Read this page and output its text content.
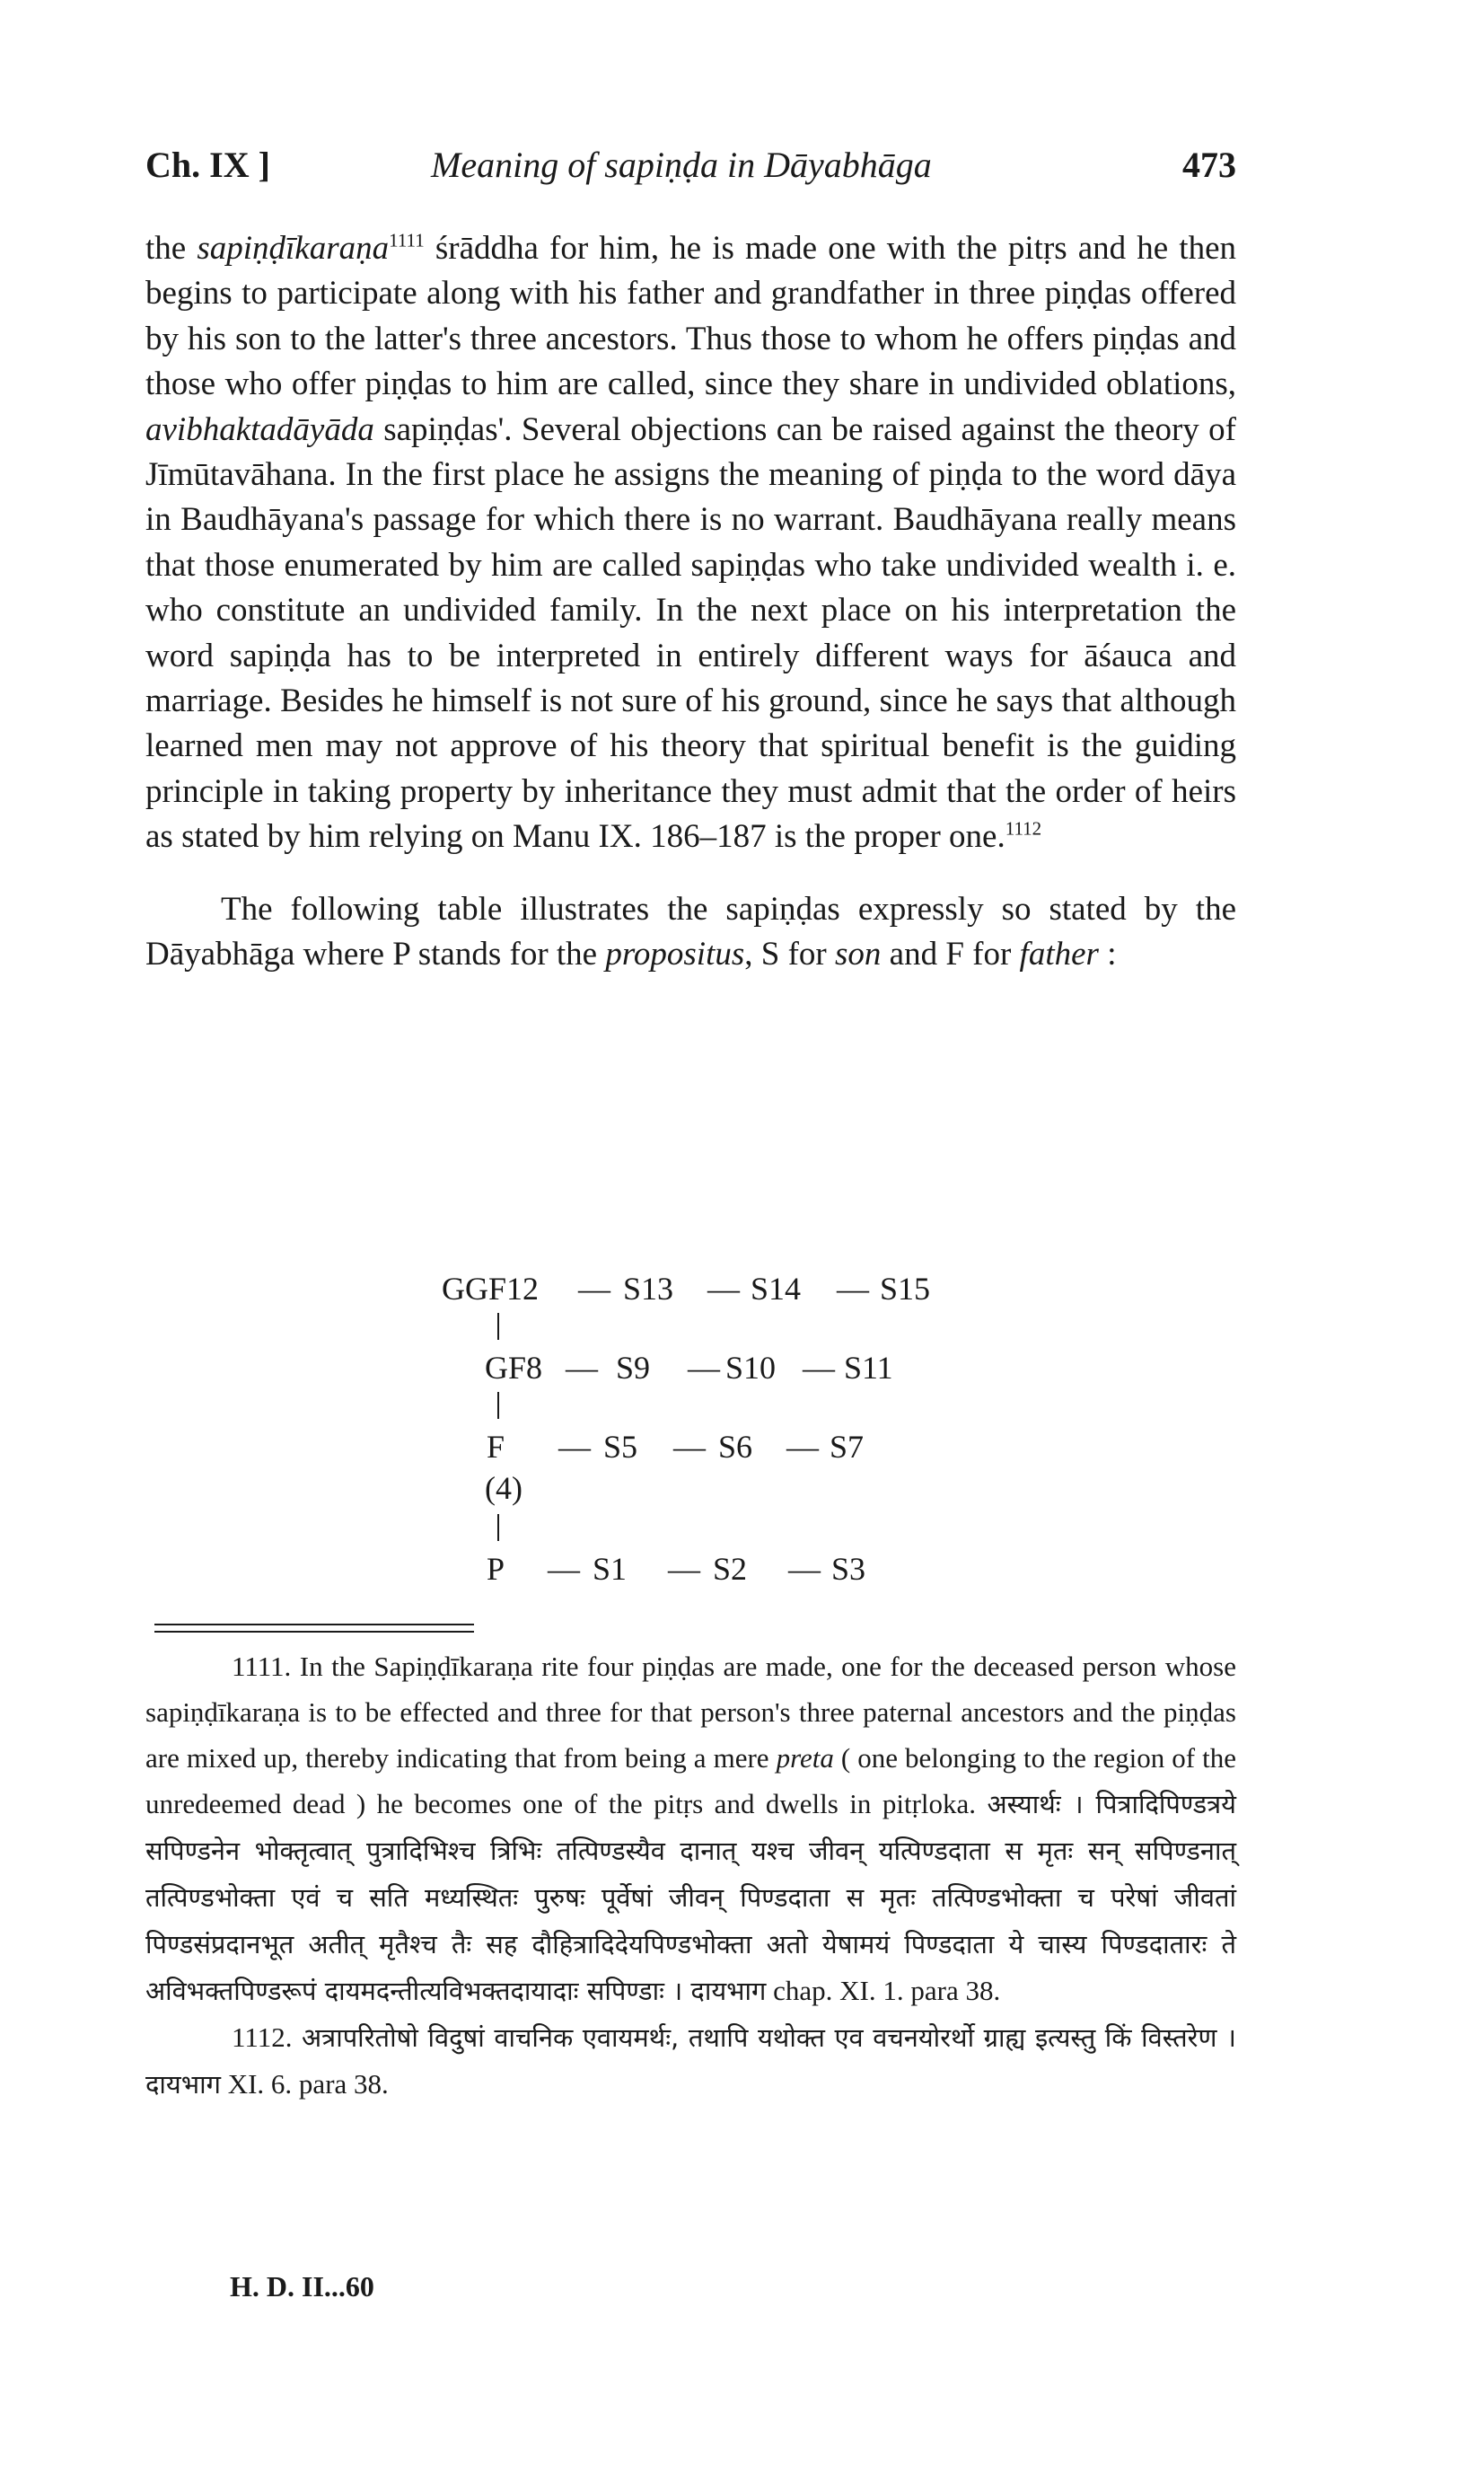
Ch. IX ]	Meaning of sapiṇḍa in Dāyabhāga	473

the sapiṇḍīkaraṇa$^{1111}$ śrāddha for him, he is made one with the pitṛs and he then begins to participate along with his father and grandfather in three piṇḍas offered by his son to the latter's three ancestors. Thus those to whom he offers piṇḍas and those who offer piṇḍas to him are called, since they share in undivided oblations, avibhaktadāyāda sapiṇḍas'. Several objections can be raised against the theory of Jīmūtavāhana. In the first place he assigns the meaning of piṇḍa to the word dāya in Baudhāyana's passage for which there is no warrant. Baudhāyana really means that those enumerated by him are called sapiṇḍas who take undivided wealth i. e. who constitute an undivided family. In the next place on his interpretation the word sapiṇḍa has to be interpreted in entirely different ways for āśauca and marriage. Besides he himself is not sure of his ground, since he says that although learned men may not approve of his theory that spiritual benefit is the guiding principle in taking property by inheritance they must admit that the order of heirs as stated by him relying on Manu IX. 186–187 is the proper one.$^{1112}$

The following table illustrates the sapiṇḍas expressly so stated by the Dāyabhāga where P stands for the propositus, S for son and F for father :

GGF12 — S13 — S14 — S15
GF8 — S9 — S10 — S11
F — S5 — S6 — S7
(4)
P — S1 — S2 — S3

1111. In the Sapiṇḍīkaraṇa rite four piṇḍas are made, one for the deceased person whose sapiṇḍīkaraṇa is to be effected and three for that person's three paternal ancestors and the piṇḍas are mixed up, thereby indicating that from being a mere preta ( one belonging to the region of the unredeemed dead ) he becomes one of the pitṛs and dwells in pitṛloka. अस्यार्थः । पित्रादिपिण्डत्रये सपिण्डनेन भोक्तृत्वात् पुत्रादिभिश्च त्रिभिः तत्पिण्डस्यैव दानात् यश्च जीवन् यत्पिण्डदाता स मृतः सन् सपिण्डनात् तत्पिण्डभोक्ता एवं च सति मध्यस्थितः पुरुषः पूर्वेषां जीवन् पिण्डदाता स मृतः तत्पिण्डभोक्ता च परेषां जीवतां पिण्डसंप्रदानभूत अतीत् मृतैश्च तैः सह दौहित्रादिदेयपिण्डभोक्ता अतो येषामयं पिण्डदाता ये चास्य पिण्डदातारः ते अविभक्तपिण्डरूपं दायमदन्तीत्यविभक्तदायादाः सपिण्डाः । दायभाग chap. XI. 1. para 38.

1112. अत्रापरितोषो विदुषां वाचनिक एवायमर्थः, तथापि यथोक्त एव वचनयोरर्थो ग्राह्य इत्यस्तु किं विस्तरेण । दायभाग XI. 6. para 38.

H. D. II...60
